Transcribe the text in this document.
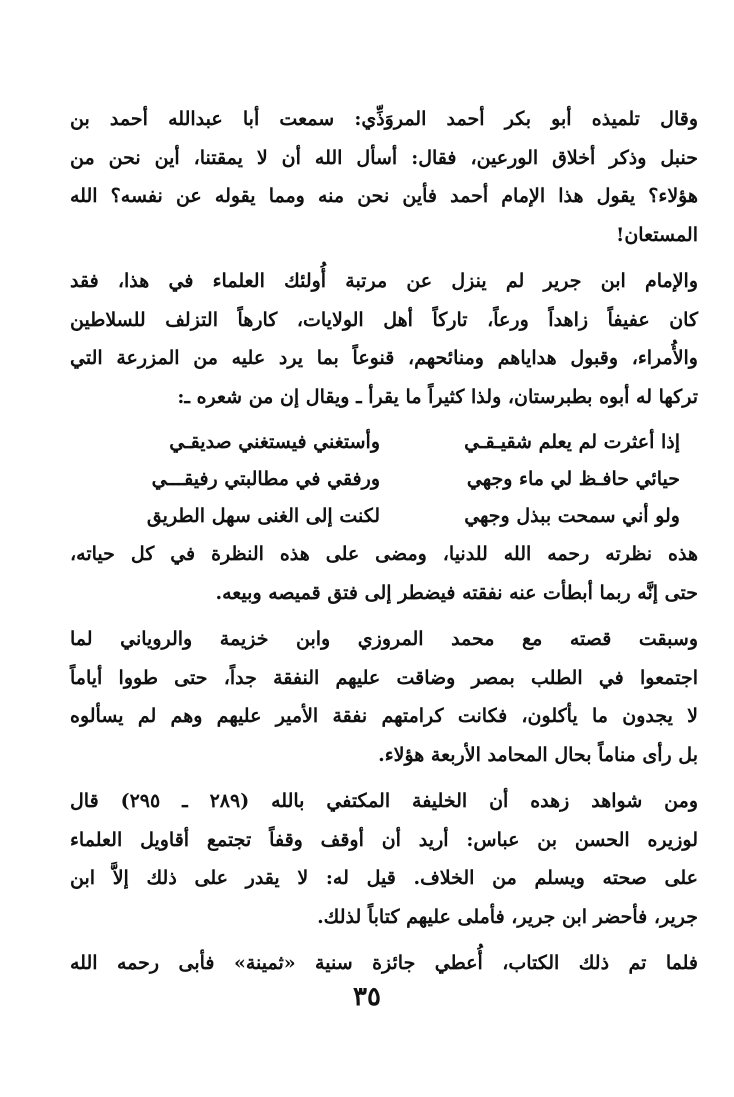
وقال تلميذه أبو بكر أحمد المروَذِّي: سمعت أبا عبدالله أحمد بن
حنبل وذكر أخلاق الورعين، فقال: أسأل الله أن لا يمقتنا، أين نحن من
هؤلاء؟ يقول هذا الإمام أحمد فأين نحن منه ومما يقوله عن نفسه؟ الله
المستعان!
والإمام ابن جرير لم ينزل عن مرتبة أُولئك العلماء في هذا، فقد
كان عفيفاً زاهداً ورعاً، تاركاً أهل الولايات، كارهاً التزلف للسلاطين
والأُمراء، وقبول هداياهم ومنائحهم، قنوعاً بما يرد عليه من المزرعة التي
تركها له أبوه بطبرستان، ولذا كثيراً ما يقرأ ـ ويقال إن من شعره ـ:
إذا أعثرت لم يعلم شقيـقـي
وأستغني فيستغني صديقـي
حيائي حافـظ لي ماء وجهي
ورفقي في مطالبتي رفيقـــي
ولو أني سمحت ببذل وجهي
لكنت إلى الغنى سهل الطريق
هذه نظرته رحمه الله للدنيا، ومضى على هذه النظرة في كل حياته،
حتى إنَّه ربما أبطأت عنه نفقته فيضطر إلى فتق قميصه وبيعه.
وسبقت قصته مع محمد المروزي وابن خزيمة والروياني لما
اجتمعوا في الطلب بمصر وضاقت عليهم النفقة جداً، حتى طووا أياماً
لا يجدون ما يأكلون، فكانت كرامتهم نفقة الأمير عليهم وهم لم يسألوه
بل رأى مناماً بحال المحامد الأربعة هؤلاء.
ومن شواهد زهده أن الخليفة المكتفي بالله (٢٨٩ ـ ٢٩٥) قال
لوزيره الحسن بن عباس: أريد أن أوقف وقفاً تجتمع أقاويل العلماء
على صحته ويسلم من الخلاف. قيل له: لا يقدر على ذلك إلاَّ ابن
جرير، فأحضر ابن جرير، فأملى عليهم كتاباً لذلك.
فلما تم ذلك الكتاب، أُعطي جائزة سنية «ثمينة» فأبى رحمه الله
٣٥
